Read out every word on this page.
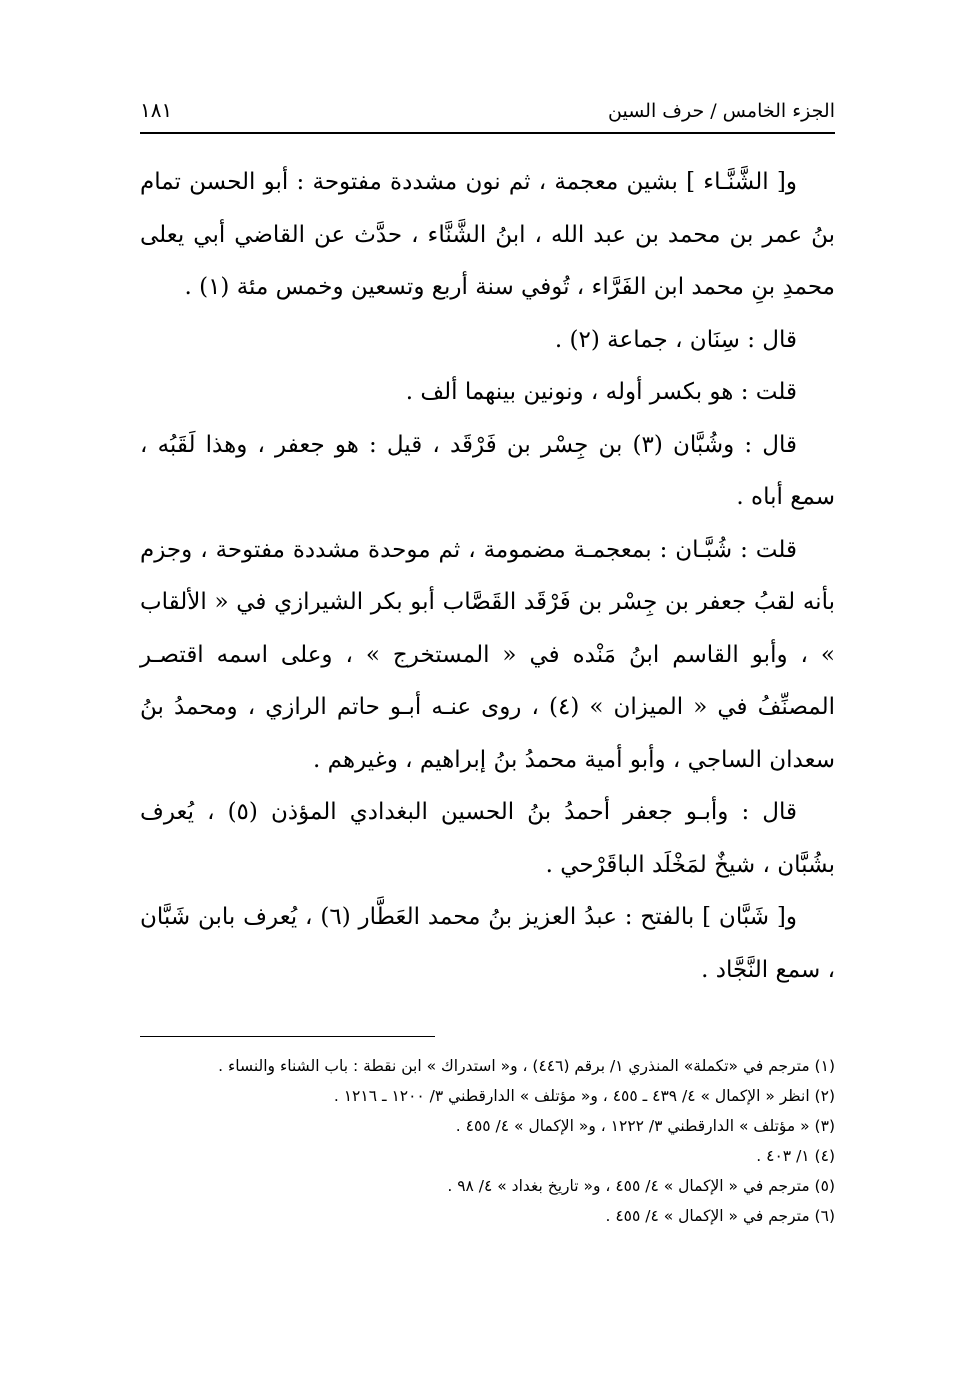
الجزء الخامس / حرف السين
١٨١

و[ الشَّنَّـاء ] بشين معجمة ، ثم نون مشددة مفتوحة : أبو الحسن تمام بنُ عمر بن محمد بن عبد الله ، ابنُ الشَّنَّاء ، حدَّث عن القاضي أبي يعلى محمدِ بنِ محمد ابن الفَرَّاء ، تُوفي سنة أربع وتسعين وخمس مئة (١) .

قال : سِنَان ، جماعة (٢) .

قلت : هو بكسر أوله ، ونونين بينهما ألف .

قال : وشُبَّان (٣) بن جِسْر بن فَرْقَد ، قيل : هو جعفر ، وهذا لَقَبُه ، سمع أباه .

قلت : شُبَّـان : بمعجمـة مضمومة ، ثم موحدة مشددة مفتوحة ، وجزم بأنه لقبُ جعفر بن جِسْر بن فَرْقَد القَصَّاب أبو بكر الشيرازي في « الألقاب » ، وأبو القاسم ابنُ مَنْده في « المستخرج » ، وعلى اسمه اقتصـر المصنِّفُ في « الميزان » (٤) ، روى عنـه أبـو حاتم الرازي ، ومحمدُ بنُ سعدان الساجي ، وأبو أمية محمدُ بنُ إبراهيم ، وغيرهم .

قال : وأبـو جعفر أحمدُ بنُ الحسين البغدادي المؤذن (٥) ، يُعرف بشُبَّان ، شيخٌ لمَخْلَد الباقَرْحي .

و[ شَبَّان ] بالفتح : عبدُ العزيز بنُ محمد العَطَّار (٦) ، يُعرف بابن شَبَّان ، سمع النَّجَّاد .

(١) مترجم في «تكملة» المنذري ١/ برقم (٤٤٦) ، و« استدراك » ابن نقطة : باب الشناء والنساء .

(٢) انظر « الإكمال » ٤/ ٤٣٩ ـ ٤٥٥ ، و« مؤتلف » الدارقطني ٣/ ١٢٠٠ ـ ١٢١٦ .

(٣) « مؤتلف » الدارقطني ٣/ ١٢٢٢ ، و« الإكمال » ٤/ ٤٥٥ .

(٤) ١/ ٤٠٣ .

(٥) مترجم في « الإكمال » ٤/ ٤٥٥ ، و« تاريخ بغداد » ٤/ ٩٨ .

(٦) مترجم في « الإكمال » ٤/ ٤٥٥ .
